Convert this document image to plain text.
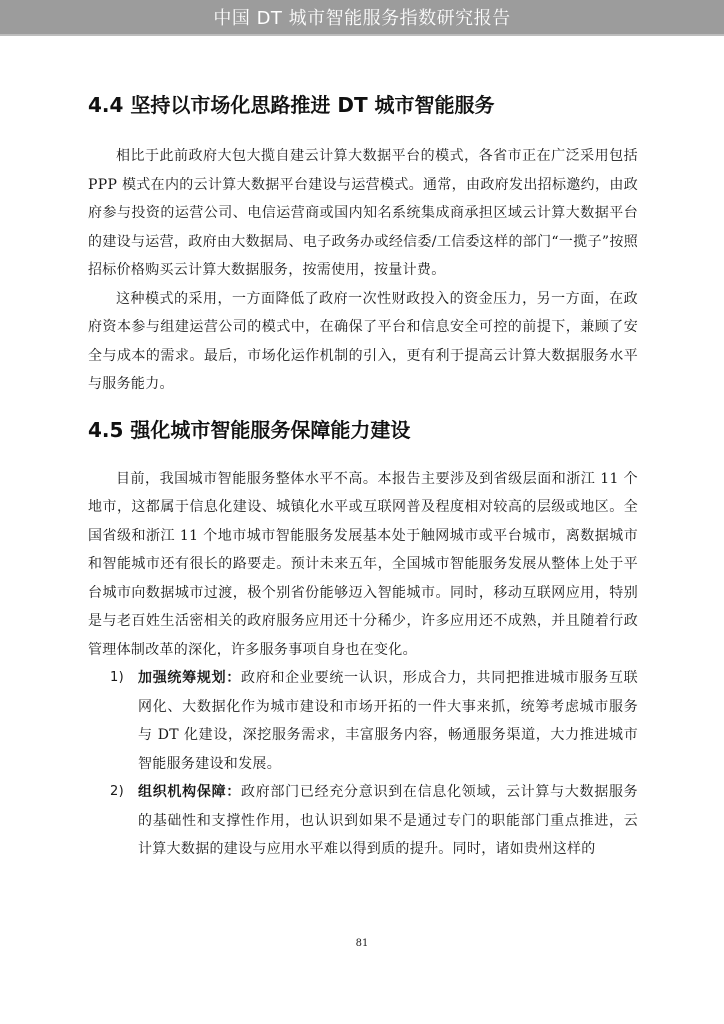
中国 DT 城市智能服务指数研究报告
4.4 坚持以市场化思路推进 DT 城市智能服务

相比于此前政府大包大揽自建云计算大数据平台的模式，各省市正在广泛采用包括 PPP 模式在内的云计算大数据平台建设与运营模式。通常，由政府发出招标邀约，由政府参与投资的运营公司、电信运营商或国内知名系统集成商承担区域云计算大数据平台的建设与运营，政府由大数据局、电子政务办或经信委/工信委这样的部门“一揽子”按照招标价格购买云计算大数据服务，按需使用，按量计费。

这种模式的采用，一方面降低了政府一次性财政投入的资金压力，另一方面，在政府资本参与组建运营公司的模式中，在确保了平台和信息安全可控的前提下，兼顾了安全与成本的需求。最后，市场化运作机制的引入，更有利于提高云计算大数据服务水平与服务能力。

4.5 强化城市智能服务保障能力建设

目前，我国城市智能服务整体水平不高。本报告主要涉及到省级层面和浙江 11 个地市，这都属于信息化建设、城镇化水平或互联网普及程度相对较高的层级或地区。全国省级和浙江 11 个地市城市智能服务发展基本处于触网城市或平台城市，离数据城市和智能城市还有很长的路要走。预计未来五年，全国城市智能服务发展从整体上处于平台城市向数据城市过渡，极个别省份能够迈入智能城市。同时，移动互联网应用，特别是与老百姓生活密相关的政府服务应用还十分稀少，许多应用还不成熟，并且随着行政管理体制改革的深化，许多服务事项自身也在变化。

1)	加强统筹规划：政府和企业要统一认识，形成合力，共同把推进城市服务互联网化、大数据化作为城市建设和市场开拓的一件大事来抓，统筹考虑城市服务与 DT 化建设，深挖服务需求，丰富服务内容，畅通服务渠道，大力推进城市智能服务建设和发展。
2)	组织机构保障：政府部门已经充分意识到在信息化领域，云计算与大数据服务的基础性和支撑性作用，也认识到如果不是通过专门的职能部门重点推进，云计算大数据的建设与应用水平难以得到质的提升。同时，诸如贵州这样的
81
